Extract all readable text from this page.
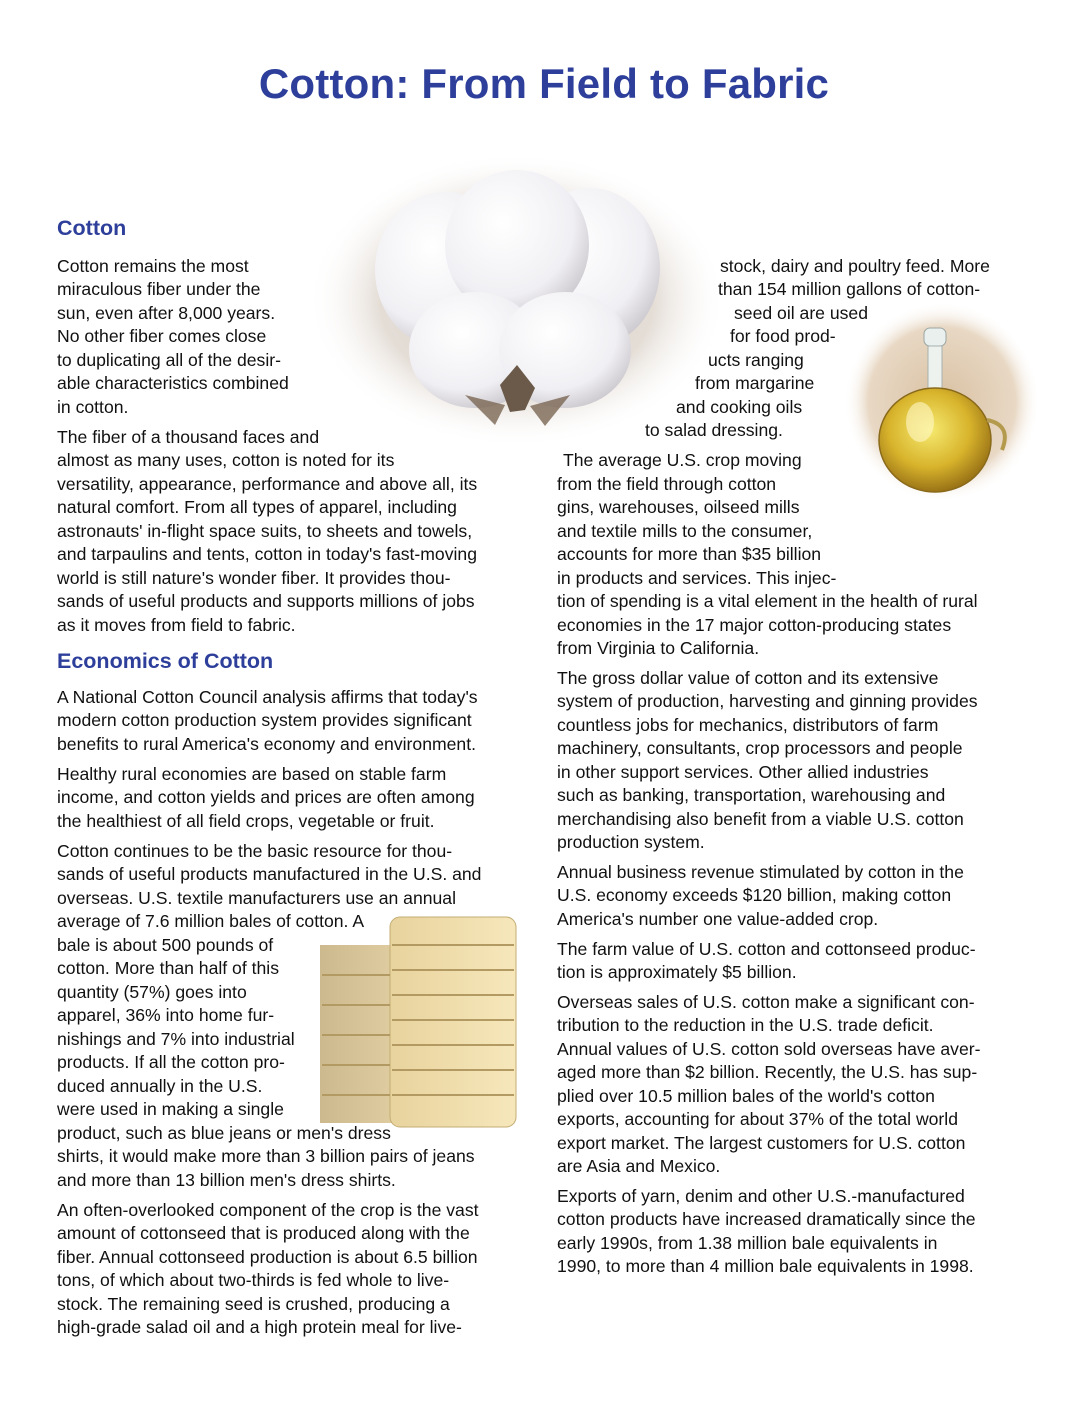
Cotton: From Field to Fabric
Cotton
Economics of Cotton
Cotton remains the most
miraculous fiber under the
sun, even after 8,000 years.
No other fiber comes close
to duplicating all of the desir-
able characteristics combined
in cotton.
The fiber of a thousand faces and
almost as many uses, cotton is noted for its
versatility, appearance, performance and above all, its
natural comfort. From all types of apparel, including
astronauts' in-flight space suits, to sheets and towels,
and tarpaulins and tents, cotton in today's fast-moving
world is still nature's wonder fiber. It provides thou-
sands of useful products and supports millions of jobs
as it moves from field to fabric.
A National Cotton Council analysis affirms that today's
modern cotton production system provides significant
benefits to rural America's economy and environment.
Healthy rural economies are based on stable farm
income, and cotton yields and prices are often among
the healthiest of all field crops, vegetable or fruit.
Cotton continues to be the basic resource for thou-
sands of useful products manufactured in the U.S. and
overseas. U.S. textile manufacturers use an annual
average of 7.6 million bales of cotton. A
bale is about 500 pounds of
cotton. More than half of this
quantity (57%) goes into
apparel, 36% into home fur-
nishings and 7% into industrial
products. If all the cotton pro-
duced annually in the U.S.
were used in making a single
product, such as blue jeans or men's dress
shirts, it would make more than 3 billion pairs of jeans
and more than 13 billion men's dress shirts.
An often-overlooked component of the crop is the vast
amount of cottonseed that is produced along with the
fiber. Annual cottonseed production is about 6.5 billion
tons, of which about two-thirds is fed whole to live-
stock. The remaining seed is crushed, producing a
high-grade salad oil and a high protein meal for live-
stock, dairy and poultry feed. More
than 154 million gallons of cotton-
seed oil are used
for food prod-
ucts ranging
from margarine
and cooking oils
to salad dressing.
The average U.S. crop moving
from the field through cotton
gins, warehouses, oilseed mills
and textile mills to the consumer,
accounts for more than $35 billion
in products and services. This injec-
tion of spending is a vital element in the health of rural
economies in the 17 major cotton-producing states
from Virginia to California.
The gross dollar value of cotton and its extensive
system of production, harvesting and ginning provides
countless jobs for mechanics, distributors of farm
machinery, consultants, crop processors and people
in other support services. Other allied industries
such as banking, transportation, warehousing and
merchandising also benefit from a viable U.S. cotton
production system.
Annual business revenue stimulated by cotton in the
U.S. economy exceeds $120 billion, making cotton
America's number one value-added crop.
The farm value of U.S. cotton and cottonseed produc-
tion is approximately $5 billion.
Overseas sales of U.S. cotton make a significant con-
tribution to the reduction in the U.S. trade deficit.
Annual values of U.S. cotton sold overseas have aver-
aged more than $2 billion. Recently, the U.S. has sup-
plied over 10.5 million bales of the world's cotton
exports, accounting for about 37% of the total world
export market. The largest customers for U.S. cotton
are Asia and Mexico.
Exports of yarn, denim and other U.S.-manufactured
cotton products have increased dramatically since the
early 1990s, from 1.38 million bale equivalents in
1990, to more than 4 million bale equivalents in 1998.
